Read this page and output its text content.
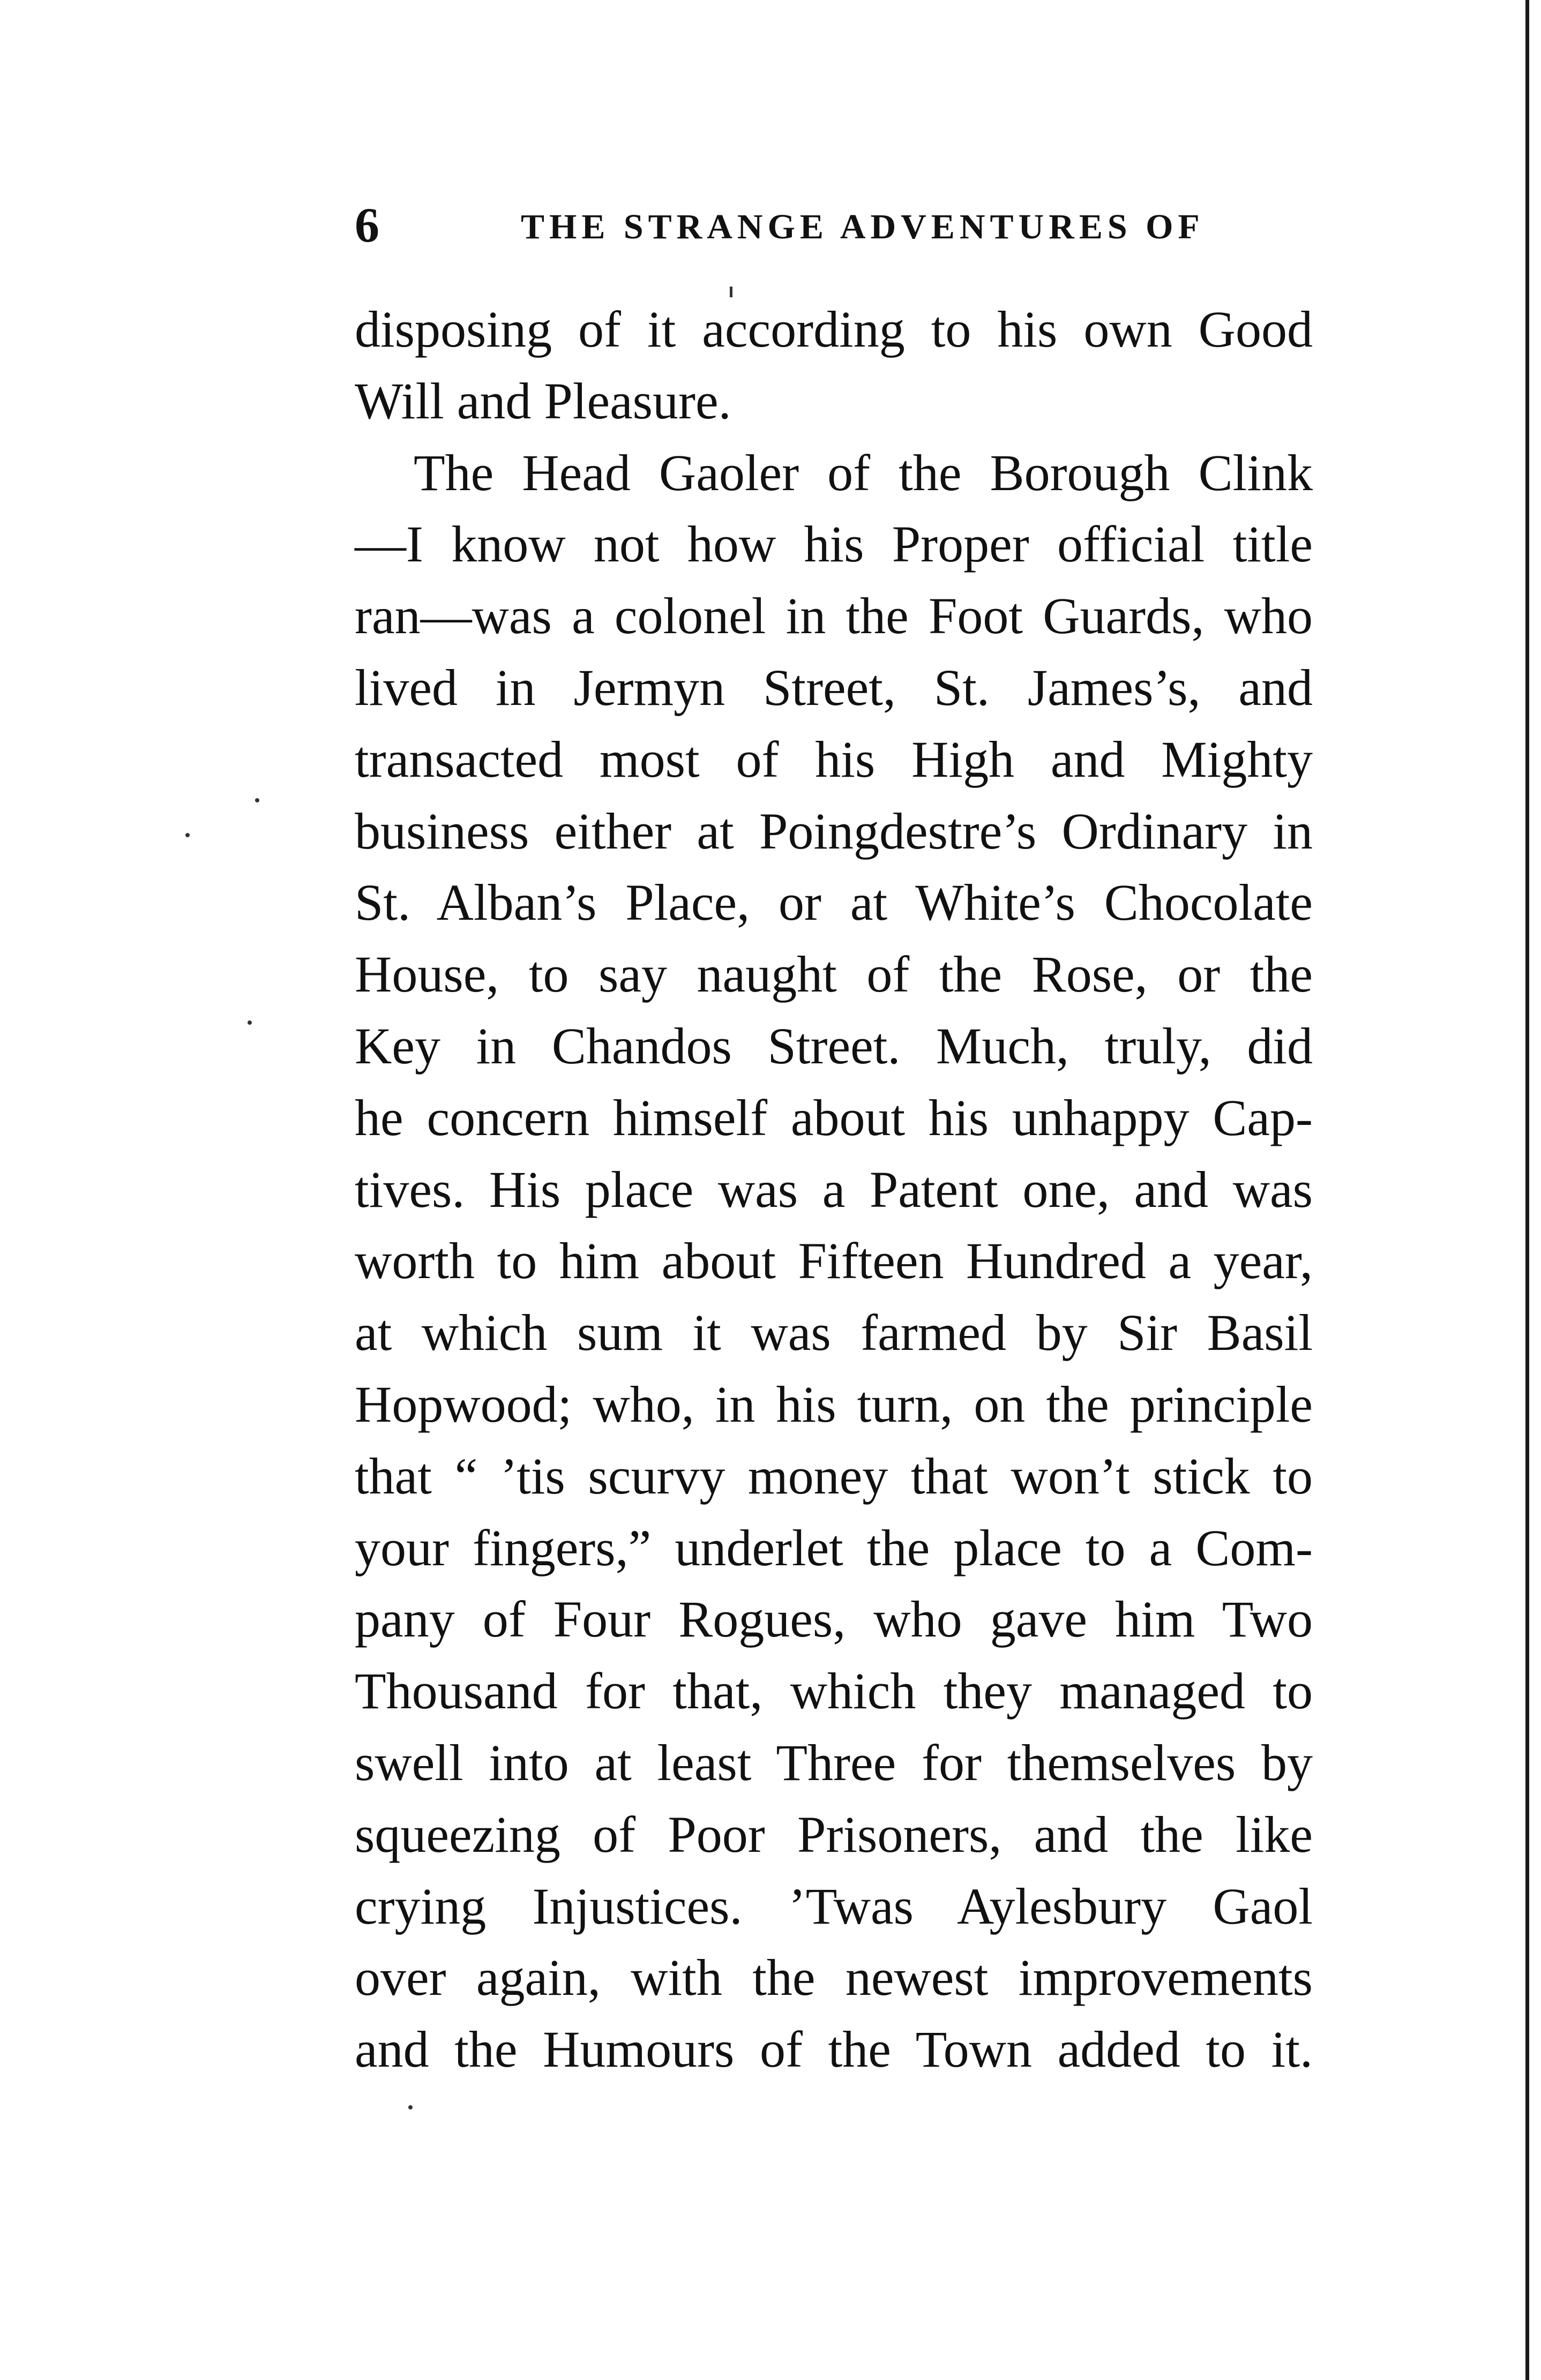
6	THE STRANGE ADVENTURES OF
disposing of it according to his own Good
Will and Pleasure.
The Head Gaoler of the Borough Clink
—I know not how his Proper official title
ran—was a colonel in the Foot Guards, who
lived in Jermyn Street, St. James’s, and
transacted most of his High and Mighty
business either at Poingdestre’s Ordinary in
St. Alban’s Place, or at White’s Chocolate
House, to say naught of the Rose, or the
Key in Chandos Street. Much, truly, did
he concern himself about his unhappy Cap-
tives. His place was a Patent one, and was
worth to him about Fifteen Hundred a year,
at which sum it was farmed by Sir Basil
Hopwood; who, in his turn, on the principle
that “ ’tis scurvy money that won’t stick to
your fingers,” underlet the place to a Com-
pany of Four Rogues, who gave him Two
Thousand for that, which they managed to
swell into at least Three for themselves by
squeezing of Poor Prisoners, and the like
crying Injustices. ’Twas Aylesbury Gaol
over again, with the newest improvements
and the Humours of the Town added to it.
